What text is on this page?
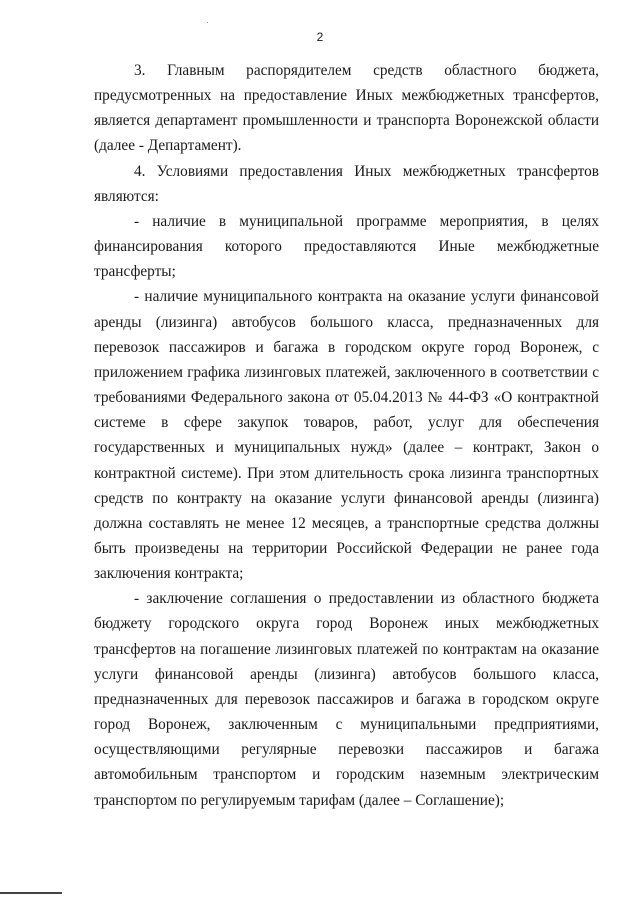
2

3. Главным распорядителем средств областного бюджета, предусмотренных на предоставление Иных межбюджетных трансфертов, является департамент промышленности и транспорта Воронежской области (далее - Департамент).

4. Условиями предоставления Иных межбюджетных трансфертов являются:

- наличие в муниципальной программе мероприятия, в целях финансирования которого предоставляются Иные межбюджетные трансферты;

- наличие муниципального контракта на оказание услуги финансовой аренды (лизинга) автобусов большого класса, предназначенных для перевозок пассажиров и багажа в городском округе город Воронеж, с приложением графика лизинговых платежей, заключенного в соответствии с требованиями Федерального закона от 05.04.2013 № 44-ФЗ «О контрактной системе в сфере закупок товаров, работ, услуг для обеспечения государственных и муниципальных нужд» (далее – контракт, Закон о контрактной системе). При этом длительность срока лизинга транспортных средств по контракту на оказание услуги финансовой аренды (лизинга) должна составлять не менее 12 месяцев, а транспортные средства должны быть произведены на территории Российской Федерации не ранее года заключения контракта;

- заключение соглашения о предоставлении из областного бюджета бюджету городского округа город Воронеж иных межбюджетных трансфертов на погашение лизинговых платежей по контрактам на оказание услуги финансовой аренды (лизинга) автобусов большого класса, предназначенных для перевозок пассажиров и багажа в городском округе город Воронеж, заключенным с муниципальными предприятиями, осуществляющими регулярные перевозки пассажиров и багажа автомобильным транспортом и городским наземным электрическим транспортом по регулируемым тарифам (далее – Соглашение);
